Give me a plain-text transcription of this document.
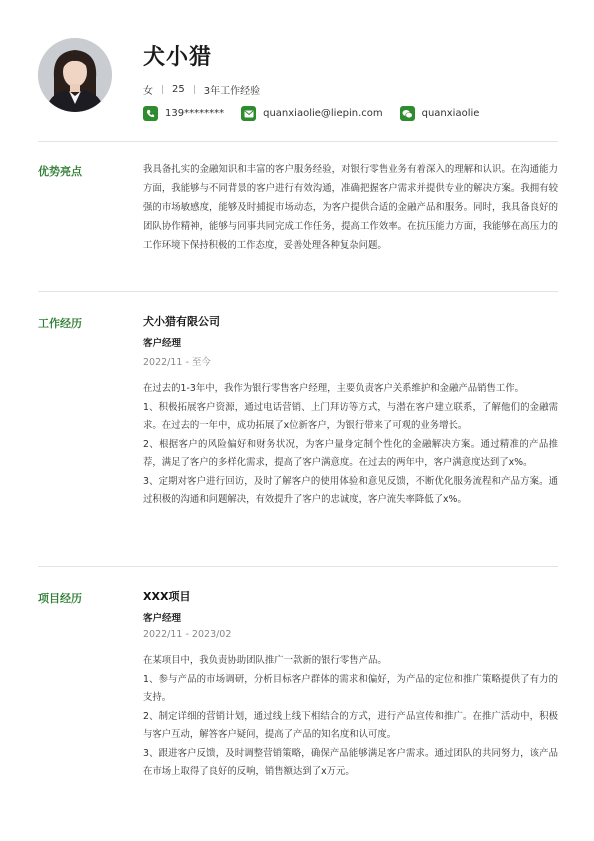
犬小猎
女 25 3年工作经验
139********	quanxiaolie@liepin.com	quanxiaolie
优势亮点	我具备扎实的金融知识和丰富的客户服务经验，对银行零售业务有着深入的理解和认识。在沟通能力方面，我能够与不同背景的客户进行有效沟通，准确把握客户需求并提供专业的解决方案。我拥有较强的市场敏感度，能够及时捕捉市场动态，为客户提供合适的金融产品和服务。同时，我具备良好的团队协作精神，能够与同事共同完成工作任务，提高工作效率。在抗压能力方面，我能够在高压力的工作环境下保持积极的工作态度，妥善处理各种复杂问题。
工作经历	犬小猎有限公司
客户经理
2022/11 - 至今
在过去的1-3年中，我作为银行零售客户经理，主要负责客户关系维护和金融产品销售工作。
1、积极拓展客户资源，通过电话营销、上门拜访等方式，与潜在客户建立联系，了解他们的金融需求。在过去的一年中，成功拓展了x位新客户，为银行带来了可观的业务增长。
2、根据客户的风险偏好和财务状况，为客户量身定制个性化的金融解决方案。通过精准的产品推荐，满足了客户的多样化需求，提高了客户满意度。在过去的两年中，客户满意度达到了x%。
3、定期对客户进行回访，及时了解客户的使用体验和意见反馈，不断优化服务流程和产品方案。通过积极的沟通和问题解决，有效提升了客户的忠诚度，客户流失率降低了x%。
项目经历	XXX项目
客户经理
2022/11 - 2023/02
在某项目中，我负责协助团队推广一款新的银行零售产品。
1、参与产品的市场调研，分析目标客户群体的需求和偏好，为产品的定位和推广策略提供了有力的支持。
2、制定详细的营销计划，通过线上线下相结合的方式，进行产品宣传和推广。在推广活动中，积极与客户互动，解答客户疑问，提高了产品的知名度和认可度。
3、跟进客户反馈，及时调整营销策略，确保产品能够满足客户需求。通过团队的共同努力，该产品在市场上取得了良好的反响，销售额达到了x万元。
